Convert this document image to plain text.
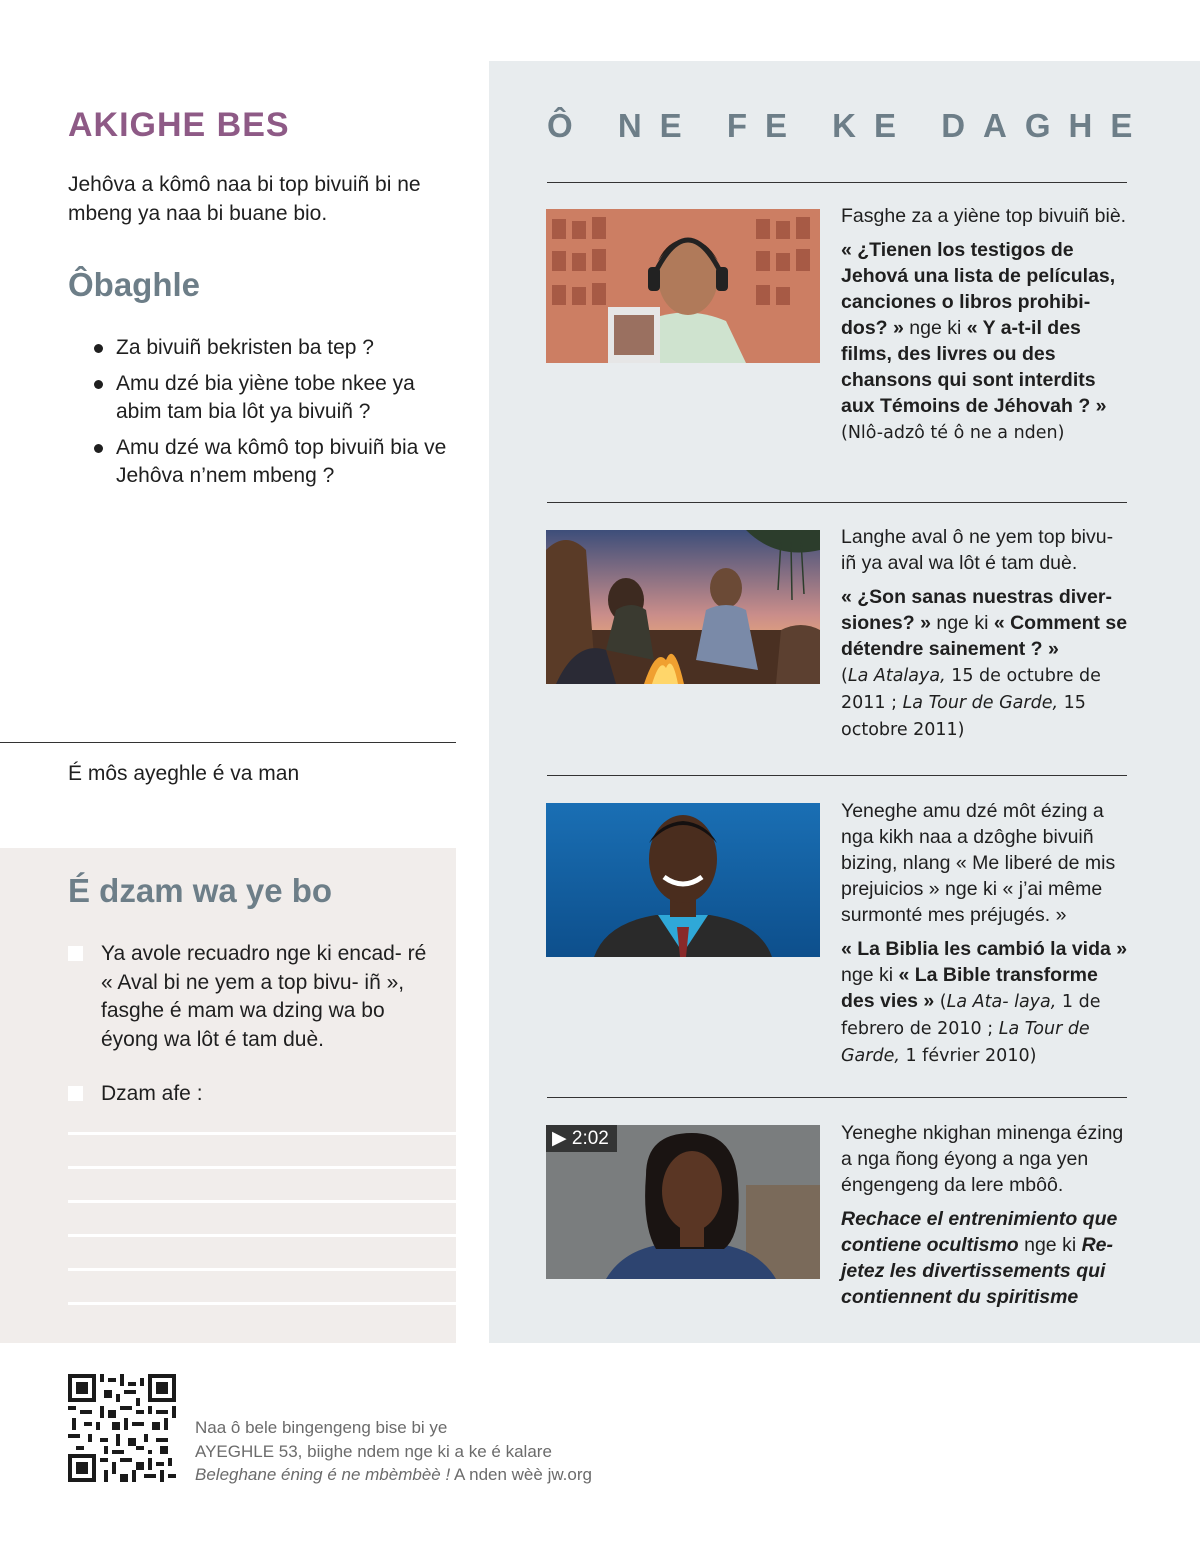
AKIGHE BES

Jehôva a kômô naa bi top bivuiñ bi ne mbeng ya naa bi buane bio.

Ôbaghle
Za bivuiñ bekristen ba tep ?
Amu dzé bia yiène tobe nkee ya abim tam bia lôt ya bivuiñ ?
Amu dzé wa kômô top bivuiñ bia ve Jehôva n’nem mbeng ?

É môs ayeghle é va man

É dzam wa ye bo
Ya avole recuadro nge ki encad- ré « Aval bi ne yem a top bivu- iñ », fasghe é mam wa dzing wa bo éyong wa lôt é tam duè.
Dzam afe :
Ô NE FE KE DAGHE
Fasghe za a yiène top bivuiñ biè.
« ¿Tienen los testigos de Jehová una lista de películas, canciones o libros prohibi- dos? » nge ki « Y a-t-il des films, des livres ou des chansons qui sont interdits aux Témoins de Jéhovah ? »
(Nlô-adzô té ô ne a nden)
Langhe aval ô ne yem top bivu- iñ ya aval wa lôt é tam duè.
« ¿Son sanas nuestras diver- siones? » nge ki « Comment se détendre sainement ? »
(La Atalaya, 15 de octubre de 2011 ; La Tour de Garde, 15 octobre 2011)
Yeneghe amu dzé môt ézing a nga kikh naa a dzôghe bivuiñ bizing, nlang « Me liberé de mis prejuicios » nge ki « j’ai même surmonté mes préjugés. »
« La Biblia les cambió la vida » nge ki « La Bible transforme des vies » (La Ata- laya, 1 de febrero de 2010 ; La Tour de Garde, 1 février 2010)
▶ 2:02	Yeneghe nkighan minenga ézing a nga ñong éyong a nga yen éngengeng da lere mbôô.
Rechace el entrenimiento que contiene ocultismo nge ki Re- jetez les divertissements qui contiennent du spiritisme
Naa ô bele bingengeng bise bi ye
AYEGHLE 53, biighe ndem nge ki a ke é kalare
Beleghane éning é ne mbèmbèè ! A nden wèè jw.org
